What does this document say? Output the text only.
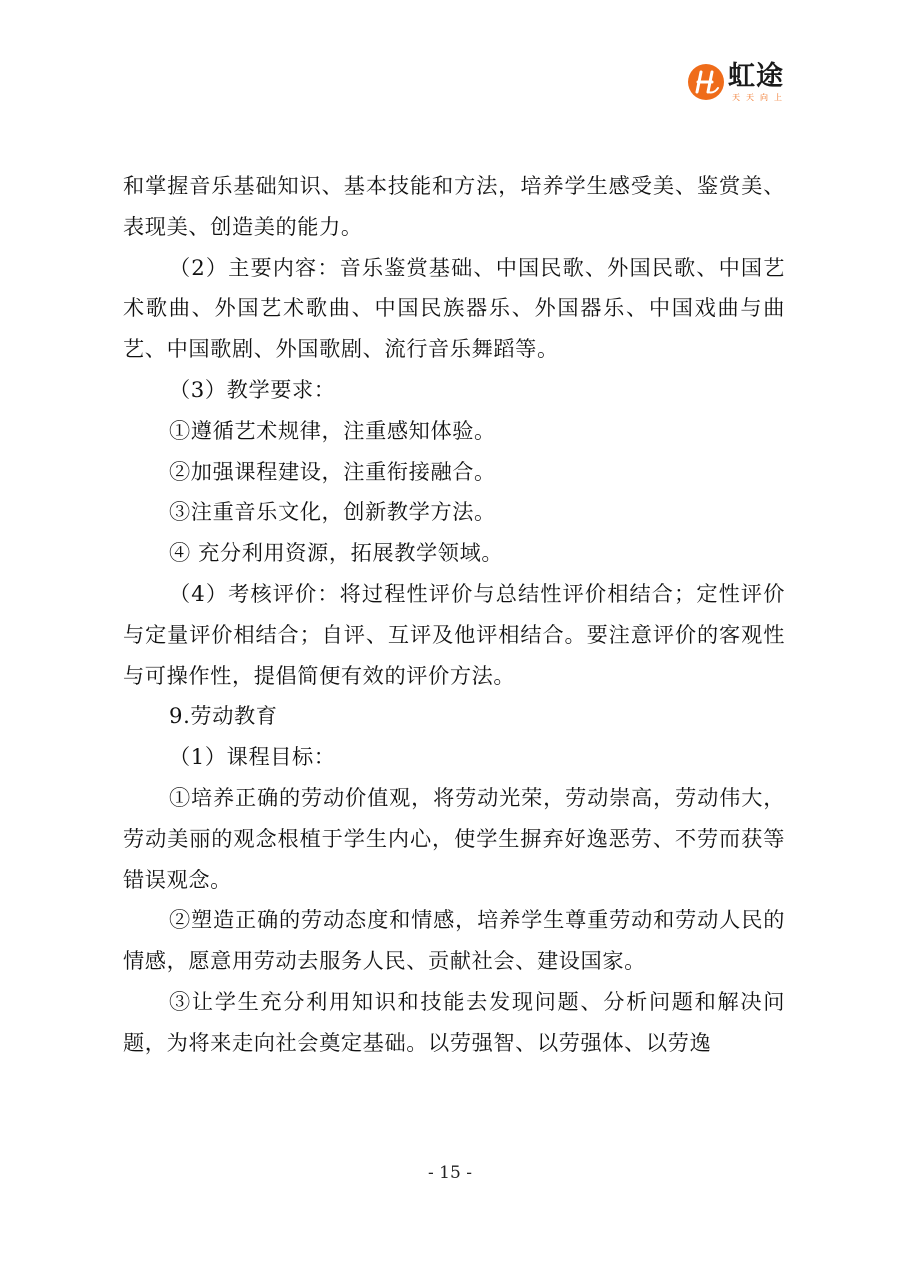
虹途
天天向上

和掌握音乐基础知识、基本技能和方法，培养学生感受美、鉴赏美、表现美、创造美的能力。

（2）主要内容：音乐鉴赏基础、中国民歌、外国民歌、中国艺术歌曲、外国艺术歌曲、中国民族器乐、外国器乐、中国戏曲与曲艺、中国歌剧、外国歌剧、流行音乐舞蹈等。

（3）教学要求：

①遵循艺术规律，注重感知体验。

②加强课程建设，注重衔接融合。

③注重音乐文化，创新教学方法。

④ 充分利用资源，拓展教学领域。

（4）考核评价：将过程性评价与总结性评价相结合；定性评价与定量评价相结合；自评、互评及他评相结合。要注意评价的客观性与可操作性，提倡简便有效的评价方法。

9.劳动教育

（1）课程目标：

①培养正确的劳动价值观，将劳动光荣，劳动崇高，劳动伟大，劳动美丽的观念根植于学生内心，使学生摒弃好逸恶劳、不劳而获等错误观念。

②塑造正确的劳动态度和情感，培养学生尊重劳动和劳动人民的情感，愿意用劳动去服务人民、贡献社会、建设国家。

③让学生充分利用知识和技能去发现问题、分析问题和解决问题，为将来走向社会奠定基础。以劳强智、以劳强体、以劳逸

- 15 -
